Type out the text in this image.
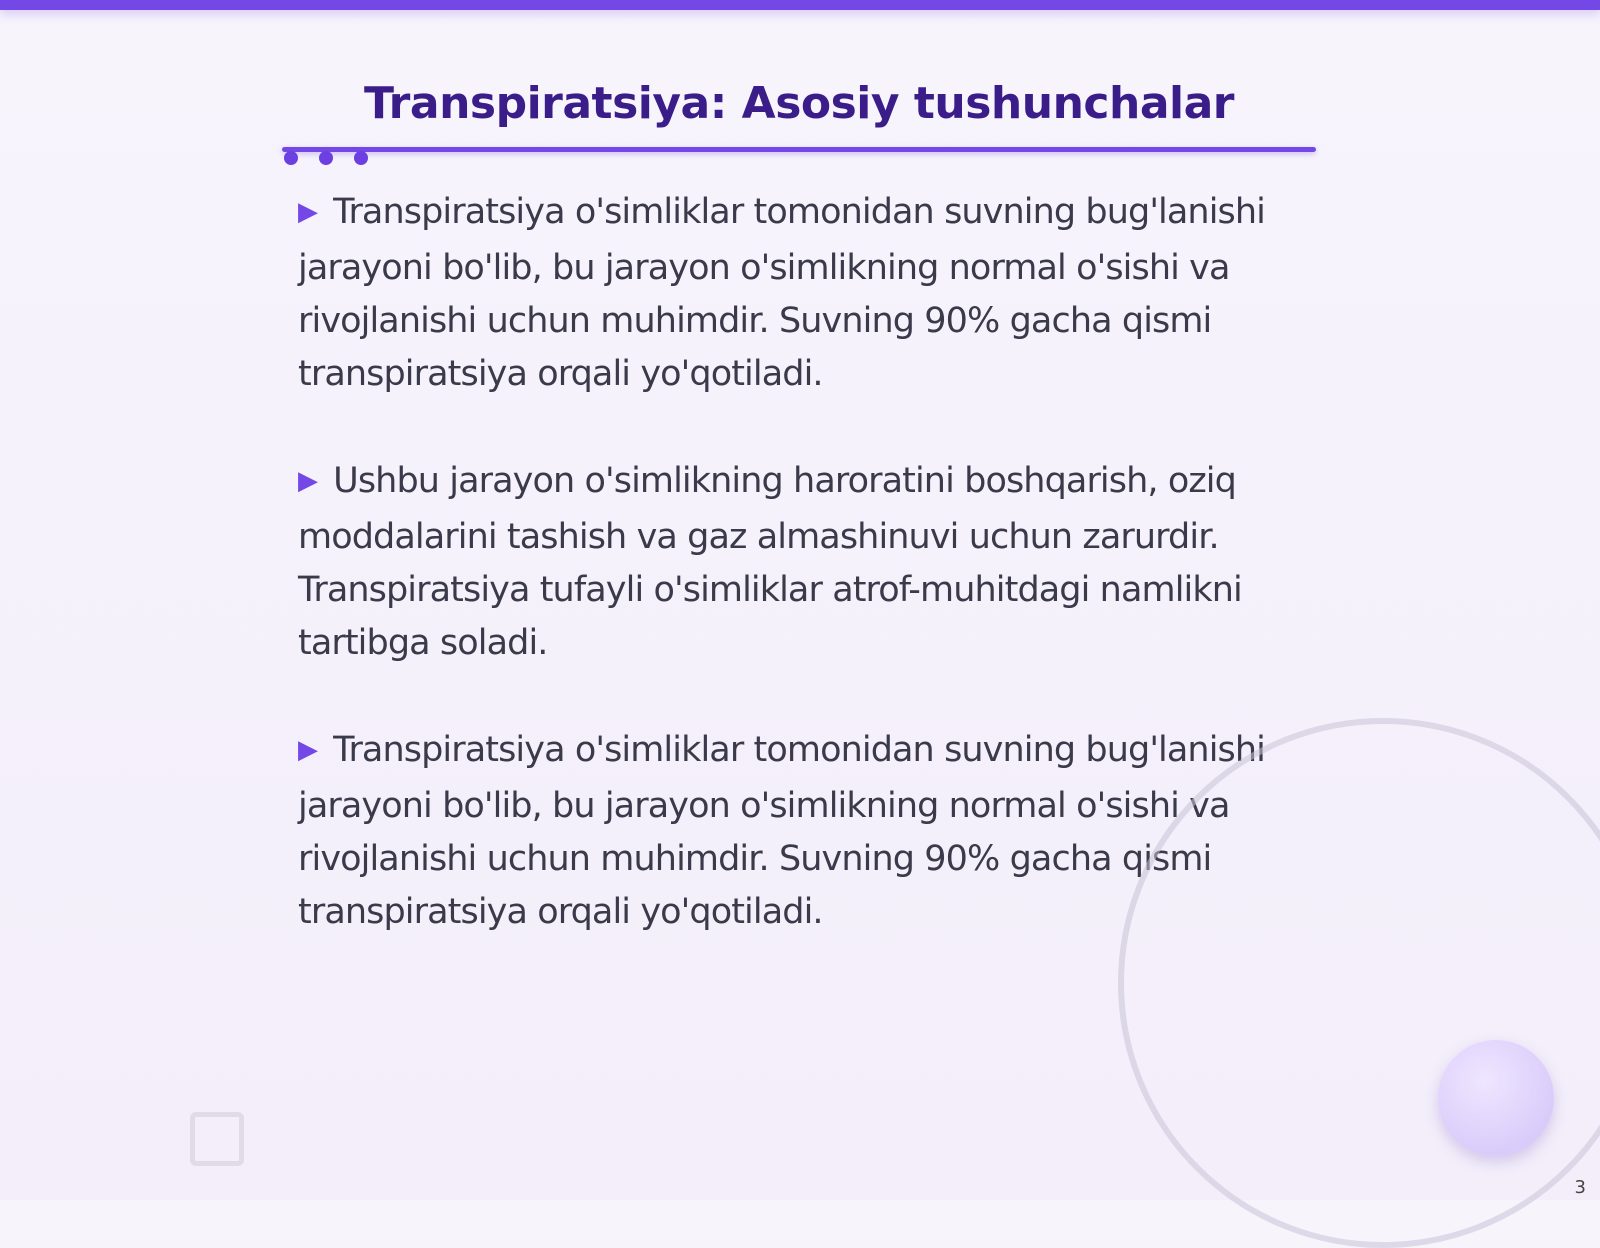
Transpiratsiya: Asosiy tushunchalar
▶ Transpiratsiya o'simliklar tomonidan suvning bug'lanishi jarayoni bo'lib, bu jarayon o'simlikning normal o'sishi va rivojlanishi uchun muhimdir. Suvning 90% gacha qismi transpiratsiya orqali yo'qotiladi.
▶ Ushbu jarayon o'simlikning haroratini boshqarish, oziq moddalarini tashish va gaz almashinuvi uchun zarurdir. Transpiratsiya tufayli o'simliklar atrof-muhitdagi namlikni tartibga soladi.
▶ Transpiratsiya o'simliklar tomonidan suvning bug'lanishi jarayoni bo'lib, bu jarayon o'simlikning normal o'sishi va rivojlanishi uchun muhimdir. Suvning 90% gacha qismi transpiratsiya orqali yo'qotiladi.
3
